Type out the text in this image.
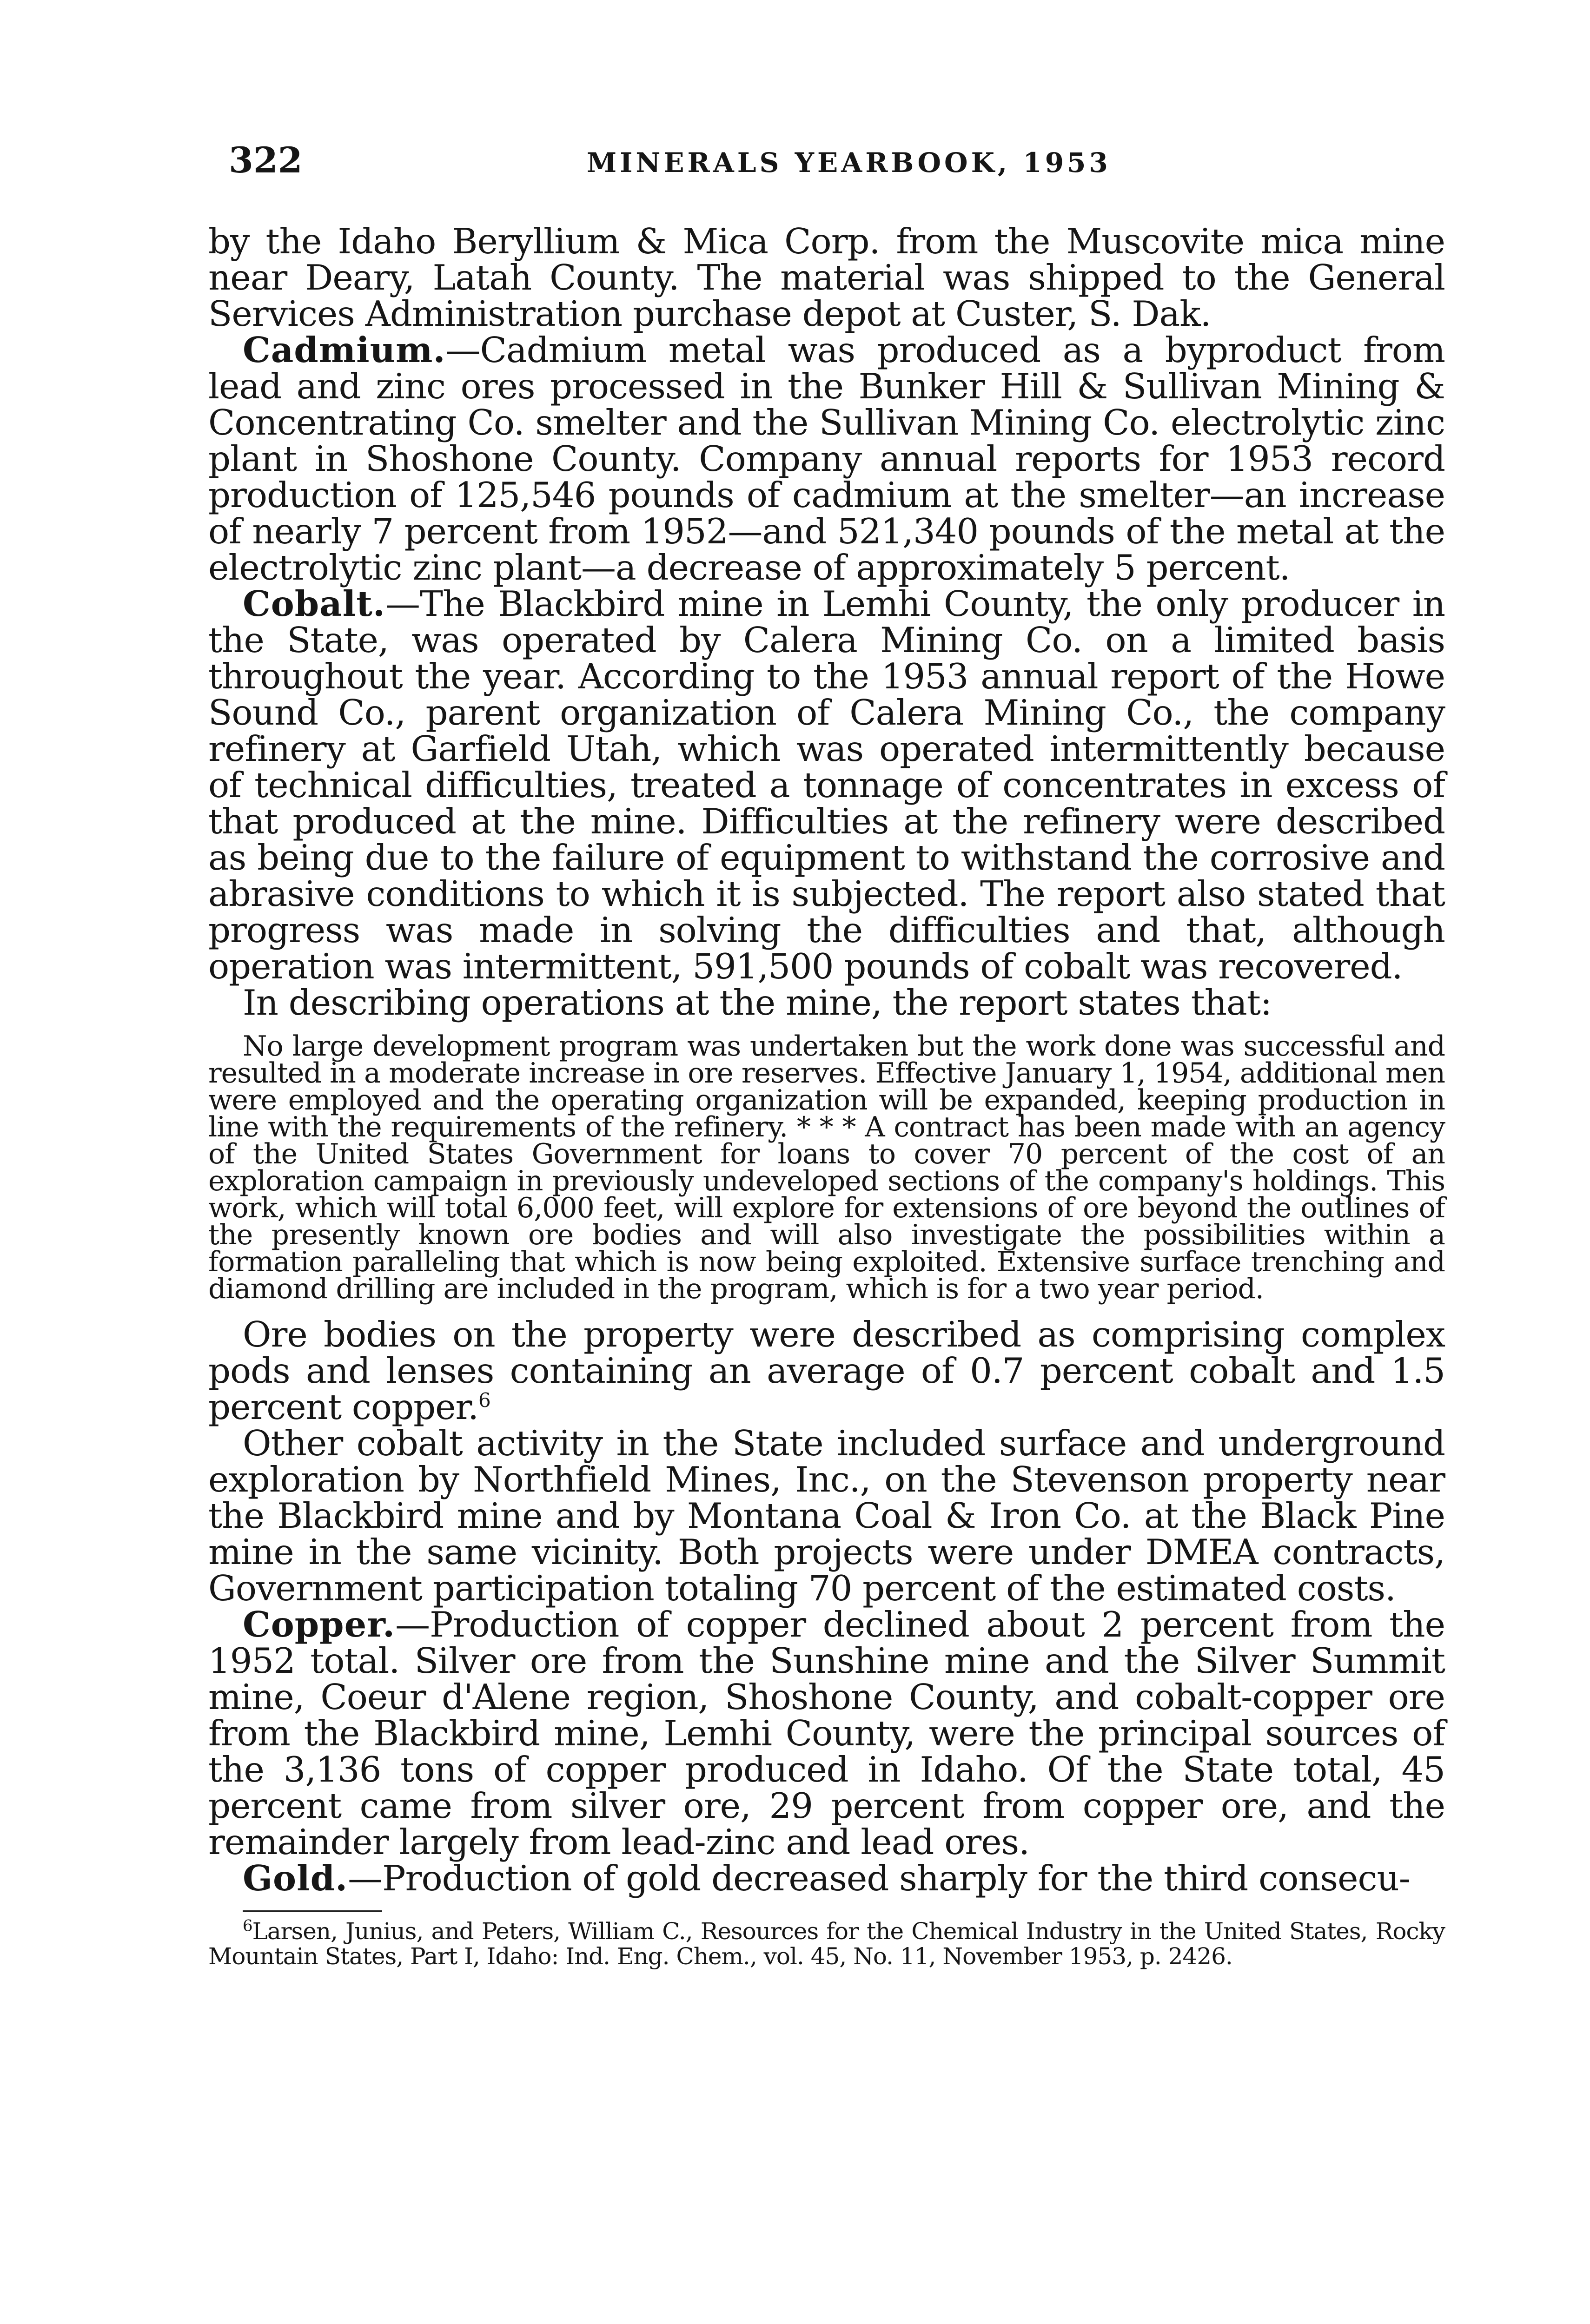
322	MINERALS YEARBOOK, 1953

by the Idaho Beryllium & Mica Corp. from the Muscovite mica mine near Deary, Latah County. The material was shipped to the General Services Administration purchase depot at Custer, S. Dak.

Cadmium.—Cadmium metal was produced as a byproduct from lead and zinc ores processed in the Bunker Hill & Sullivan Mining & Concentrating Co. smelter and the Sullivan Mining Co. electrolytic zinc plant in Shoshone County. Company annual reports for 1953 record production of 125,546 pounds of cadmium at the smelter—an increase of nearly 7 percent from 1952—and 521,340 pounds of the metal at the electrolytic zinc plant—a decrease of approximately 5 percent.

Cobalt.—The Blackbird mine in Lemhi County, the only producer in the State, was operated by Calera Mining Co. on a limited basis throughout the year. According to the 1953 annual report of the Howe Sound Co., parent organization of Calera Mining Co., the company refinery at Garfield Utah, which was operated intermittently because of technical difficulties, treated a tonnage of concentrates in excess of that produced at the mine. Difficulties at the refinery were described as being due to the failure of equipment to withstand the corrosive and abrasive conditions to which it is subjected. The report also stated that progress was made in solving the difficulties and that, although operation was intermittent, 591,500 pounds of cobalt was recovered.

In describing operations at the mine, the report states that:

No large development program was undertaken but the work done was successful and resulted in a moderate increase in ore reserves. Effective January 1, 1954, additional men were employed and the operating organization will be expanded, keeping production in line with the requirements of the refinery. * * * A contract has been made with an agency of the United States Government for loans to cover 70 percent of the cost of an exploration campaign in previously undeveloped sections of the company's holdings. This work, which will total 6,000 feet, will explore for extensions of ore beyond the outlines of the presently known ore bodies and will also investigate the possibilities within a formation paralleling that which is now being exploited. Extensive surface trenching and diamond drilling are included in the program, which is for a two year period.

Ore bodies on the property were described as comprising complex pods and lenses containing an average of 0.7 percent cobalt and 1.5 percent copper.$^6$

Other cobalt activity in the State included surface and underground exploration by Northfield Mines, Inc., on the Stevenson property near the Blackbird mine and by Montana Coal & Iron Co. at the Black Pine mine in the same vicinity. Both projects were under DMEA contracts, Government participation totaling 70 percent of the estimated costs.

Copper.—Production of copper declined about 2 percent from the 1952 total. Silver ore from the Sunshine mine and the Silver Summit mine, Coeur d'Alene region, Shoshone County, and cobalt-copper ore from the Blackbird mine, Lemhi County, were the principal sources of the 3,136 tons of copper produced in Idaho. Of the State total, 45 percent came from silver ore, 29 percent from copper ore, and the remainder largely from lead-zinc and lead ores.

Gold.—Production of gold decreased sharply for the third consecu-

$^6$Larsen, Junius, and Peters, William C., Resources for the Chemical Industry in the United States, Rocky Mountain States, Part I, Idaho: Ind. Eng. Chem., vol. 45, No. 11, November 1953, p. 2426.
